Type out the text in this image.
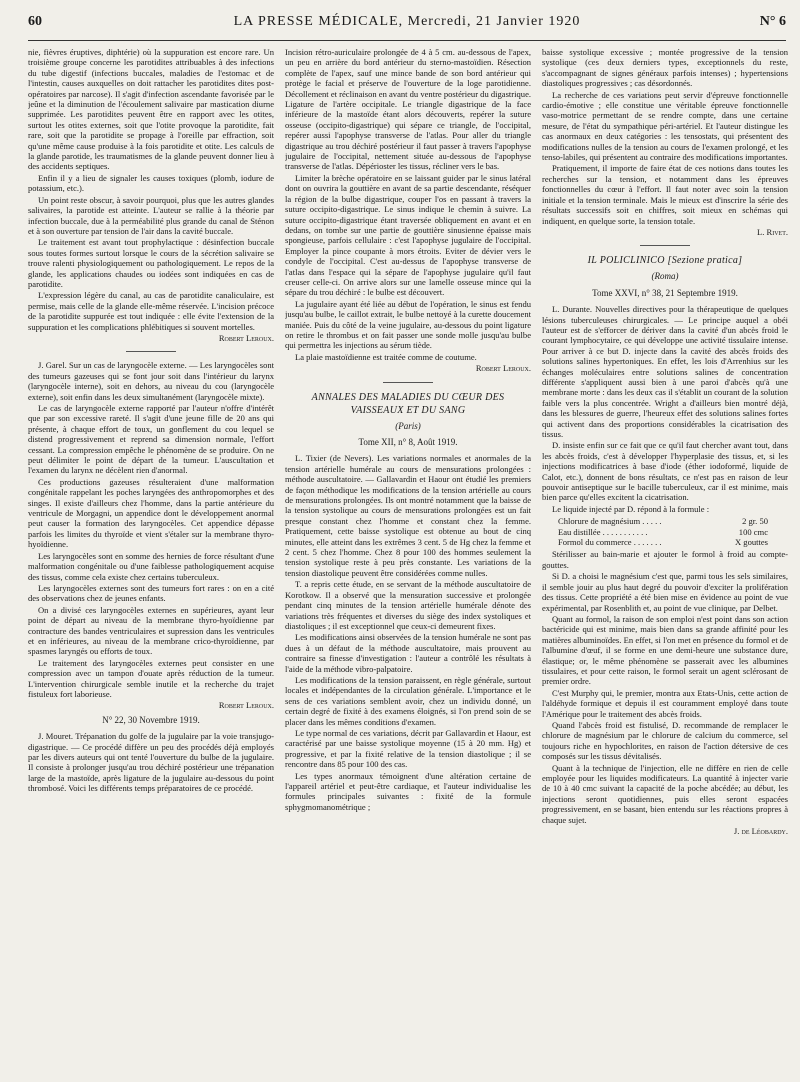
60	LA PRESSE MÉDICALE, Mercredi, 21 Janvier 1920	N° 6

nie, fièvres éruptives, diphtérie) où la suppuration est encore rare. Un troisième groupe concerne les parotidites attribuables à des infections du tube digestif (infections buccales, maladies de l'estomac et de l'intestin, causes auxquelles on doit rattacher les parotidites dites post-opératoires par narcose). Il s'agit d'infection ascendante favorisée par le jeûne et la diminution de l'écoulement salivaire par mastication diurne supprimée. Les parotidites peuvent être en rapport avec les otites, surtout les otites externes, soit que l'otite provoque la parotidite, fait rare, soit que la parotidite se propage à l'oreille par effraction, soit qu'une même cause produise à la fois parotidite et otite. Les calculs de la glande parotide, les traumatismes de la glande peuvent donner lieu à des accidents septiques.

Enfin il y a lieu de signaler les causes toxiques (plomb, iodure de potassium, etc.).

Un point reste obscur, à savoir pourquoi, plus que les autres glandes salivaires, la parotide est atteinte. L'auteur se rallie à la théorie par infection buccale, due à la perméabilité plus grande du canal de Sténon et à son ouverture par tension de l'air dans la cavité buccale.

Le traitement est avant tout prophylactique : désinfection buccale sous toutes formes surtout lorsque le cours de la sécrétion salivaire se trouve ralenti physiologiquement ou pathologiquement. Le repos de la glande, les applications chaudes ou iodées sont indiquées en cas de parotidite.

L'expression légère du canal, au cas de parotidite canaliculaire, est permise, mais celle de la glande elle-même réservée. L'incision précoce de la parotidite suppurée est tout indiquée : elle évite l'extension de la suppuration et les complications phlébitiques si souvent mortelles.

Robert Leroux.

J. Garel. Sur un cas de laryngocèle externe. — Les laryngocèles sont des tumeurs gazeuses qui se font jour soit dans l'intérieur du larynx (laryngocèle interne), soit en dehors, au niveau du cou (laryngocèle externe), soit enfin dans les deux simultanément (laryngocèle mixte).

Le cas de laryngocèle externe rapporté par l'auteur n'offre d'intérêt que par son excessive rareté. Il s'agit d'une jeune fille de 20 ans qui présente, à chaque effort de toux, un gonflement du cou lequel se distend progressivement et reprend sa dimension normale, l'effort cessant. La compression empêche le phénomène de se produire. On ne peut délimiter le point de départ de la tumeur. L'auscultation et l'examen du larynx ne décèlent rien d'anormal.

Ces productions gazeuses résulteraient d'une malformation congénitale rappelant les poches laryngées des anthropomorphes et des singes. Il existe d'ailleurs chez l'homme, dans la partie antérieure du ventricule de Morgagni, un appendice dont le développement anormal peut causer la formation des laryngocèles. Cet appendice dépasse parfois les limites du thyroïde et vient s'étaler sur la membrane thyro-hyoïdienne.

Les laryngocèles sont en somme des hernies de force résultant d'une malformation congénitale ou d'une faiblesse pathologiquement acquise des tissus, comme cela existe chez certains tuberculeux.

Les laryngocèles externes sont des tumeurs fort rares : on en a cité des observations chez de jeunes enfants.

On a divisé ces laryngocèles externes en supérieures, ayant leur point de départ au niveau de la membrane thyro-hyoïdienne par contracture des bandes ventriculaires et supression dans les ventricules et en inférieures, au niveau de la membrane crico-thyroïdienne, par spasmes laryngés ou efforts de toux.

Le traitement des laryngocèles externes peut consister en une compression avec un tampon d'ouate après réduction de la tumeur. L'intervention chirurgicale semble inutile et la recherche du trajet fistuleux fort laborieuse.

Robert Leroux.
N° 22, 30 Novembre 1919.

J. Mouret. Trépanation du golfe de la jugulaire par la voie transjugo-digastrique. — Ce procédé diffère un peu des procédés déjà employés par les divers auteurs qui ont tenté l'ouverture du bulbe de la jugulaire. Il consiste à prolonger jusqu'au trou déchiré postérieur une trépanation large de la mastoïde, après ligature de la jugulaire au-dessous du point thrombosé. Voici les différents temps préparatoires de ce procédé.

Incision rétro-auriculaire prolongée de 4 à 5 cm. au-dessous de l'apex, un peu en arrière du bord antérieur du sterno-mastoïdien. Résection complète de l'apex, sauf une mince bande de son bord antérieur qui protège le facial et préserve de l'ouverture de la loge parotidienne. Décollement et réclinaison en avant du ventre postérieur du digastrique. Ligature de l'artère occipitale. Le triangle digastrique de la face inférieure de la mastoïde étant alors découverts, repérer la suture osseuse (occipito-digastrique) qui sépare ce triangle, de l'occipital, repérer aussi l'apophyse transverse de l'atlas. Pour aller du triangle digastrique au trou déchiré postérieur il faut passer à travers l'apophyse jugulaire de l'occipital, nettement située au-dessous de l'apophyse transverse de l'atlas. Dépérioster les tissus, récliner vers le bas.

Limiter la brèche opératoire en se laissant guider par le sinus latéral dont on ouvrira la gouttière en avant de sa partie descendante, réséquer la région de la bulbe digastrique, couper l'os en passant à travers la suture occipito-digastrique. Le sinus indique le chemin à suivre. La suture occipito-digastrique étant traversée obliquement en avant et en dedans, on tombe sur une partie de gouttière sinusienne épaisse mais spongieuse, parfois cellulaire : c'est l'apophyse jugulaire de l'occipital. Employer la pince coupante à mors étroits. Eviter de dévier vers le condyle de l'occipital. C'est au-dessus de l'apophyse transverse de l'atlas dans l'espace qui la sépare de l'apophyse jugulaire qu'il faut creuser celle-ci. On arrive alors sur une lamelle osseuse mince qui la sépare du trou déchiré : le bulbe est découvert.

La jugulaire ayant été liée au début de l'opération, le sinus est fendu jusqu'au bulbe, le caillot extrait, le bulbe nettoyé à la curette doucement maniée. Puis du côté de la veine jugulaire, au-dessous du point ligature on retire le thrombus et on fait passer une sonde molle jusqu'au bulbe qui permettra les injections au sérum tiède.

La plaie mastoïdienne est traitée comme de coutume.

Robert Leroux.
ANNALES DES MALADIES DU CŒUR DES VAISSEAUX ET DU SANG
(Paris)
Tome XII, n° 8, Août 1919.

L. Tixier (de Nevers). Les variations normales et anormales de la tension artérielle humérale au cours de mensurations prolongées : méthode auscultatoire. — Gallavardin et Haour ont étudié les premiers de façon méthodique les modifications de la tension artérielle au cours de mensurations prolongées. Ils ont montré notamment que la baisse de la tension systolique au cours de mensurations prolongées est un fait presque constant chez l'homme et constant chez la femme. Pratiquement, cette baisse systolique est obtenue au bout de cinq minutes, elle atteint dans les extrêmes 3 cent. 5 de Hg chez la femme et 2 cent. 5 chez l'homme. Chez 8 pour 100 des hommes seulement la tension systolique reste à peu près constante. Les variations de la tension diastolique peuvent être considérées comme nulles.

T. a repris cette étude, en se servant de la méthode auscultatoire de Korotkow. Il a observé que la mensuration successive et prolongée pendant cinq minutes de la tension artérielle humérale dénote des variations très fréquentes et diverses du siège des index systoliques et diastoliques ; il est exceptionnel que ceux-ci demeurent fixes.

Les modifications ainsi observées de la tension humérale ne sont pas dues à un défaut de la méthode auscultatoire, mais prouvent au contraire sa finesse d'investigation : l'auteur a contrôlé les résultats à l'aide de la méthode vibro-palpatoire.

Les modifications de la tension paraissent, en règle générale, surtout locales et indépendantes de la circulation générale. L'importance et le sens de ces variations semblent avoir, chez un individu donné, un certain degré de fixité à des examens éloignés, si l'on prend soin de se placer dans les mêmes conditions d'examen.

Le type normal de ces variations, décrit par Gallavardin et Haour, est caractérisé par une baisse systolique moyenne (15 à 20 mm. Hg) et progressive, et par la fixité relative de la tension diastolique ; il se rencontre dans 85 pour 100 des cas.

Les types anormaux témoignent d'une altération certaine de l'appareil artériel et peut-être cardiaque, et l'auteur individualise les formules principales suivantes : fixité de la formule sphygmomanométrique ;

baisse systolique excessive ; montée progressive de la tension systolique (ces deux derniers types, exceptionnels du reste, s'accompagnant de signes généraux parfois intenses) ; hypertensions diastoliques progressives ; cas désordonnés.

La recherche de ces variations peut servir d'épreuve fonctionnelle cardio-émotive ; elle constitue une véritable épreuve fonctionnelle vaso-motrice permettant de se rendre compte, dans une certaine mesure, de l'état du sympathique péri-artériel. Et l'auteur distingue les cas anormaux en deux catégories : les tensostats, qui présentent des modifications nulles de la tension au cours de l'examen prolongé, et les tenso-labiles, qui présentent au contraire des modifications importantes.

Pratiquement, il importe de faire état de ces notions dans toutes les recherches sur la tension, et notamment dans les épreuves fonctionnelles du cœur à l'effort. Il faut noter avec soin la tension initiale et la tension terminale. Mais le mieux est d'inscrire la série des résultats successifs soit en chiffres, soit mieux en schémas qui indiquent, en quelque sorte, la tension totale.

L. Rivet.
IL POLICLINICO [Sezione pratica]
(Roma)
Tome XXVI, n° 38, 21 Septembre 1919.

L. Durante. Nouvelles directives pour la thérapeutique de quelques lésions tuberculeuses chirurgicales. — Le principe auquel a obéi l'auteur est de s'efforcer de dériver dans la cavité d'un abcès froid le courant lymphocytaire, ce qui développe une activité tissulaire intense. Pour arriver à ce but D. injecte dans la cavité des abcès froids des solutions salines hypertoniques. En effet, les lois d'Arrenhius sur les échanges moléculaires entre solutions salines de concentration différente s'appliquent aussi bien à une paroi d'abcès qu'à une membrane morte : dans les deux cas il s'établit un courant de la solution faible vers la plus concentrée. Wright a d'ailleurs bien montré déjà, dans les blessures de guerre, l'heureux effet des solutions salines fortes qui activent dans des proportions considérables la cicatrisation des tissus.

D. insiste enfin sur ce fait que ce qu'il faut chercher avant tout, dans les abcès froids, c'est à développer l'hyperplasie des tissus, et, si les injections modificatrices à base d'iode (éther iodoformé, liquide de Calot, etc.), donnent de bons résultats, ce n'est pas en raison de leur pouvoir antiseptique sur le bacille tuberculeux, car il est minime, mais bien parce qu'elles excitent la cicatrisation.

Le liquide injecté par D. répond à la formule :

Chlorure de magnésium . . . . .	2 gr. 50
Eau distillée . . . . . . . . . . .	100 cmc
Formol du commerce . . . . . . .	X gouttes

Stérilisser au bain-marie et ajouter le formol à froid au compte-gouttes.

Si D. a choisi le magnésium c'est que, parmi tous les sels similaires, il semble jouir au plus haut degré du pouvoir d'exciter la prolifération des tissus. Cette propriété a été bien mise en évidence au point de vue expérimental, par Rosenblith et, au point de vue clinique, par Delbet.

Quant au formol, la raison de son emploi n'est point dans son action bactéricide qui est minime, mais bien dans sa grande affinité pour les matières albuminoïdes. En effet, si l'on met en présence du formol et de l'albumine d'œuf, il se forme en une demi-heure une substance dure, élastique; or, le même phénomène se passerait avec les albumines tissulaires, et pour cette raison, le formol serait un agent sclérosant de premier ordre.

C'est Murphy qui, le premier, montra aux Etats-Unis, cette action de l'aldéhyde formique et depuis il est couramment employé dans toute l'Amérique pour le traitement des abcès froids.

Quand l'abcès froid est fistulisé, D. recommande de remplacer le chlorure de magnésium par le chlorure de calcium du commerce, sel toujours riche en hypochlorites, en raison de l'action détersive de ces composés sur les tissus dévitalisés.

Quant à la technique de l'injection, elle ne diffère en rien de celle employée pour les liquides modificateurs. La quantité à injecter varie de 10 à 40 cmc suivant la capacité de la poche abcédée; au début, les injections seront quotidiennes, puis elles seront espacées progressivement, en se basant, bien entendu sur les réactions propres à chaque sujet.

J. de Léobardy.
